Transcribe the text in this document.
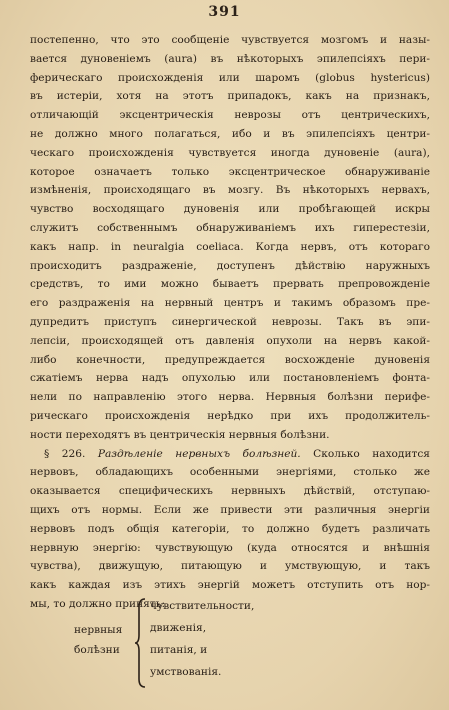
391
постепенно, что это сообщеніе чувствуется мозгомъ и назы-
вается дуновеніемъ (aura) въ нѣкоторыхъ эпилепсіяхъ пери-
ферическаго происхожденія или шаромъ (globus hystericus)
въ истеріи, хотя на этотъ припадокъ, какъ на признакъ,
отличающій эксцентрическія неврозы отъ центрическихъ,
не должно много полагаться, ибо и въ эпилепсіяхъ центри-
ческаго происхожденія чувствуется иногда дуновеніе (aura),
которое означаетъ только эксцентрическое обнаруживаніе
измѣненія, происходящаго въ мозгу. Въ нѣкоторыхъ нервахъ,
чувство восходящаго дуновенія или пробѣгающей искры
служитъ собственнымъ обнаруживаніемъ ихъ гиперестезіи,
какъ напр. in neuralgia coeliaca. Когда нервъ, отъ котораго
происходитъ раздраженіе, доступенъ дѣйствію наружныхъ
средствъ, то ими можно бываетъ прервать препровожденіе
его раздраженія на нервный центръ и такимъ образомъ пре-
дупредитъ приступъ синергической неврозы. Такъ въ эпи-
лепсіи, происходящей отъ давленія опухоли на нервъ какой-
либо конечности, предупреждается восхожденіе дуновенія
сжатіемъ нерва надъ опухолью или постановленіемъ фонта-
нели по направленію этого нерва. Нервныя болѣзни перифе-
рическаго происхожденія нерѣдко при ихъ продолжитель-
ности переходятъ въ центрическія нервныя болѣзни.
§ 226. Раздѣленіе нервныхъ болѣзней. Сколько находится
нервовъ, обладающихъ особенными энергіями, столько же
оказывается специфическихъ нервныхъ дѣйствій, отступаю-
щихъ отъ нормы. Если же привести эти различныя энергіи
нервовъ подъ общія категоріи, то должно будетъ различать
нервную энергію: чувствующую (куда относятся и внѣшнія
чувства), движущую, питающую и умствующую, и такъ
какъ каждая изъ этихъ энергій можетъ отступить отъ нор-
мы, то должно принять:
нервныя
болѣзни
чувствительности,
движенія,
питанія, и
умствованія.
